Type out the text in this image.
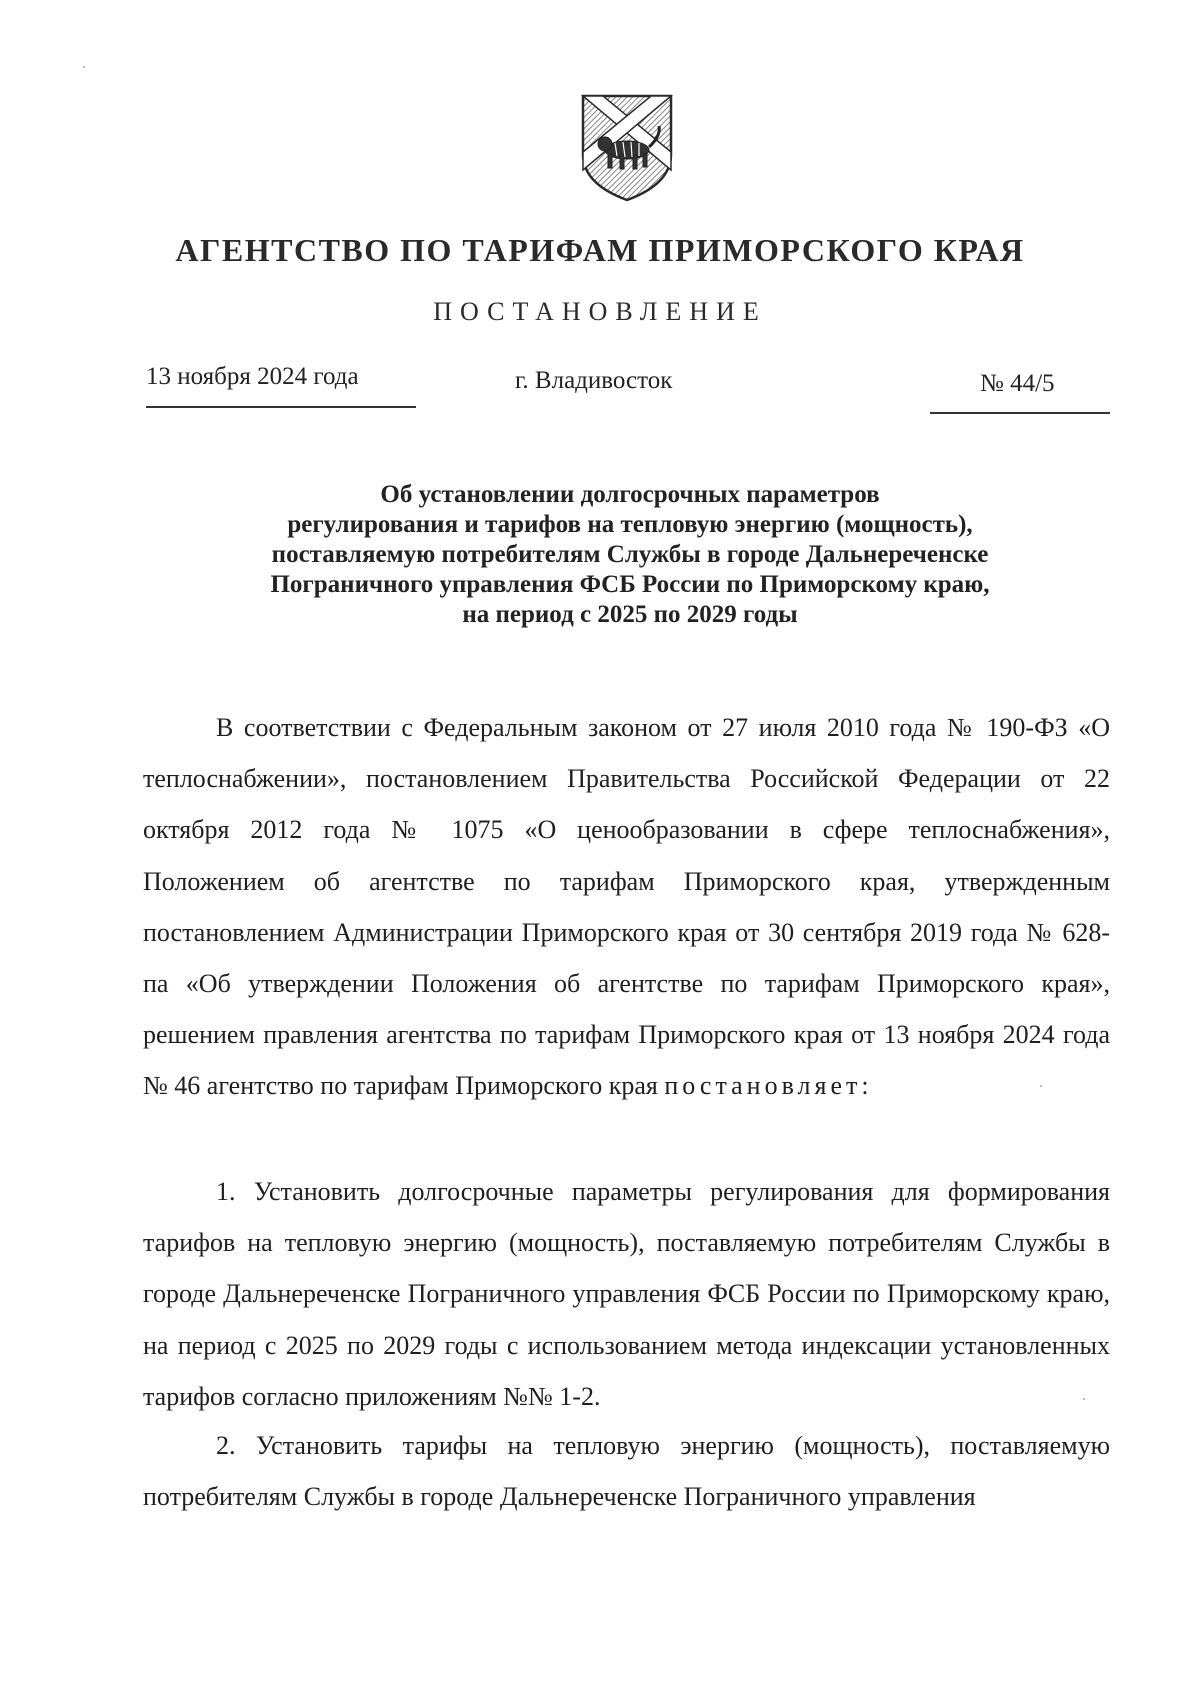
АГЕНТСТВО ПО ТАРИФАМ ПРИМОРСКОГО КРАЯ
ПОСТАНОВЛЕНИЕ
13 ноября 2024 года	г. Владивосток	№ 44/5
Об установлении долгосрочных параметров
регулирования и тарифов на тепловую энергию (мощность),
поставляемую потребителям Службы в городе Дальнереченске
Пограничного управления ФСБ России по Приморскому краю,
на период с 2025 по 2029 годы

В соответствии с Федеральным законом от 27 июля 2010 года № 190-ФЗ «О теплоснабжении», постановлением Правительства Российской Федерации от 22 октября 2012 года № 1075 «О ценообразовании в сфере теплоснабжения», Положением об агентстве по тарифам Приморского края, утвержденным постановлением Администрации Приморского края от 30 сентября 2019 года № 628-па «Об утверждении Положения об агентстве по тарифам Приморского края», решением правления агентства по тарифам Приморского края от 13 ноября 2024 года № 46 агентство по тарифам Приморского края постановляет:

1. Установить долгосрочные параметры регулирования для формирования тарифов на тепловую энергию (мощность), поставляемую потребителям Службы в городе Дальнереченске Пограничного управления ФСБ России по Приморскому краю, на период с 2025 по 2029 годы с использованием метода индексации установленных тарифов согласно приложениям №№ 1-2.

2. Установить тарифы на тепловую энергию (мощность), поставляемую потребителям Службы в городе Дальнереченске Пограничного управления
